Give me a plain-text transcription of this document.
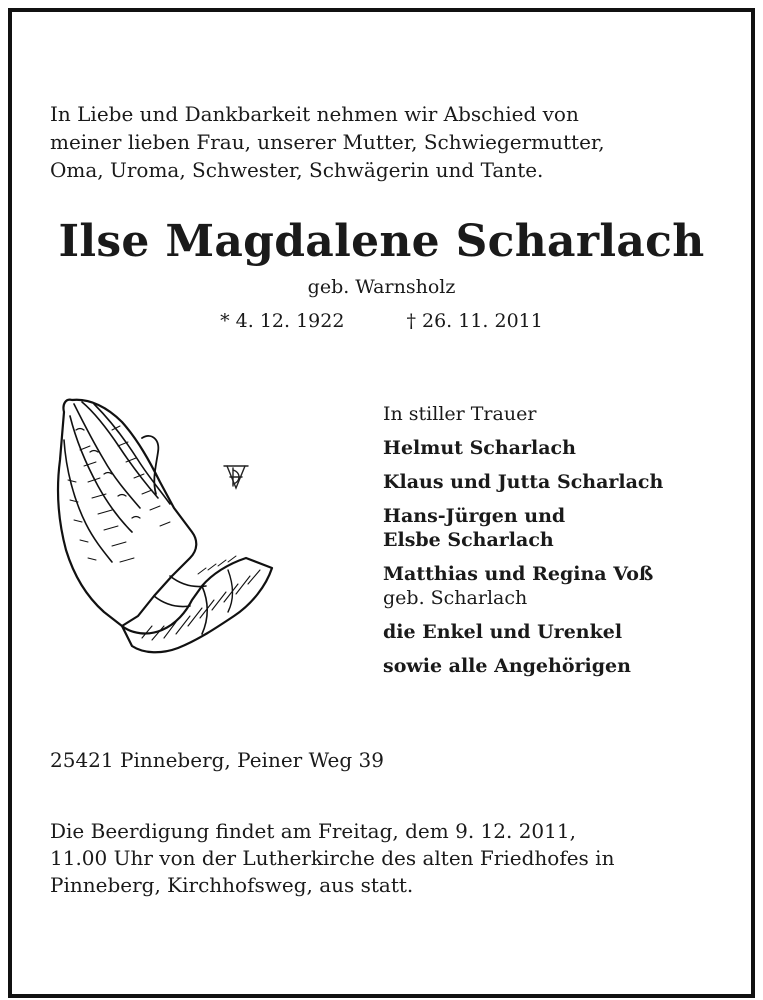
In Liebe und Dankbarkeit nehmen wir Abschied von
meiner lieben Frau, unserer Mutter, Schwiegermutter,
Oma, Uroma, Schwester, Schwägerin und Tante.
Ilse Magdalene Scharlach
geb. Warnsholz
* 4. 12. 1922	† 26. 11. 2011
In stiller Trauer
Helmut Scharlach
Klaus und Jutta Scharlach
Hans-Jürgen und
Elsbe Scharlach
Matthias und Regina Voß
geb. Scharlach
die Enkel und Urenkel
sowie alle Angehörigen
25421 Pinneberg, Peiner Weg 39
Die Beerdigung findet am Freitag, dem 9. 12. 2011,
11.00 Uhr von der Lutherkirche des alten Friedhofes in
Pinneberg, Kirchhofsweg, aus statt.
